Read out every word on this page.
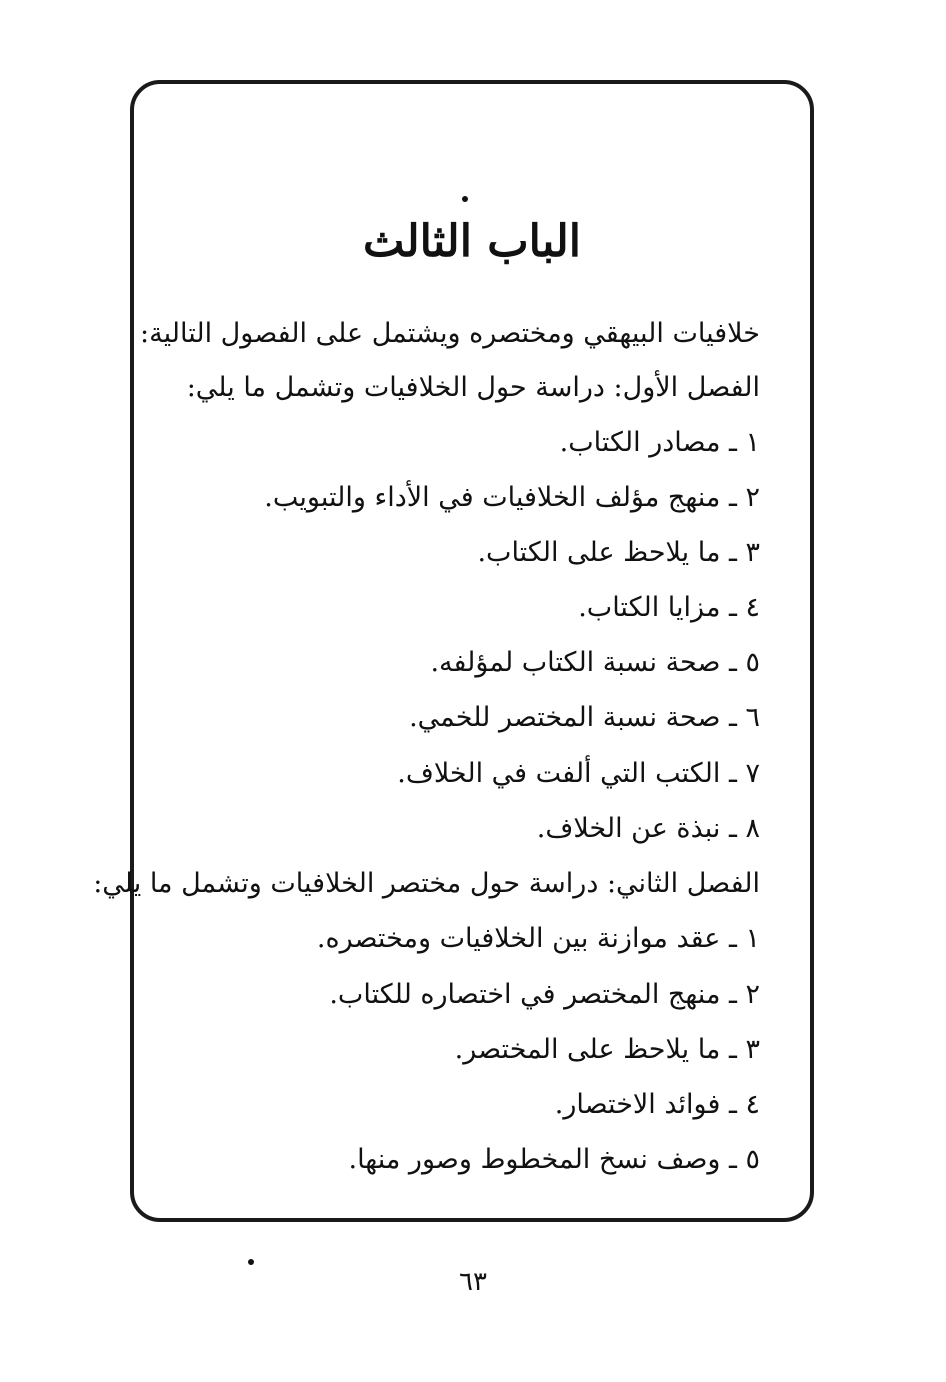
الباب الثالث
خلافيات البيهقي ومختصره ويشتمل على الفصول التالية:
الفصل الأول: دراسة حول الخلافيات وتشمل ما يلي:
١ ـ مصادر الكتاب.
٢ ـ منهج مؤلف الخلافيات في الأداء والتبويب.
٣ ـ ما يلاحظ على الكتاب.
٤ ـ مزايا الكتاب.
٥ ـ صحة نسبة الكتاب لمؤلفه.
٦ ـ صحة نسبة المختصر للخمي.
٧ ـ الكتب التي ألفت في الخلاف.
٨ ـ نبذة عن الخلاف.
الفصل الثاني: دراسة حول مختصر الخلافيات وتشمل ما يلي:
١ ـ عقد موازنة بين الخلافيات ومختصره.
٢ ـ منهج المختصر في اختصاره للكتاب.
٣ ـ ما يلاحظ على المختصر.
٤ ـ فوائد الاختصار.
٥ ـ وصف نسخ المخطوط وصور منها.
٦٣
